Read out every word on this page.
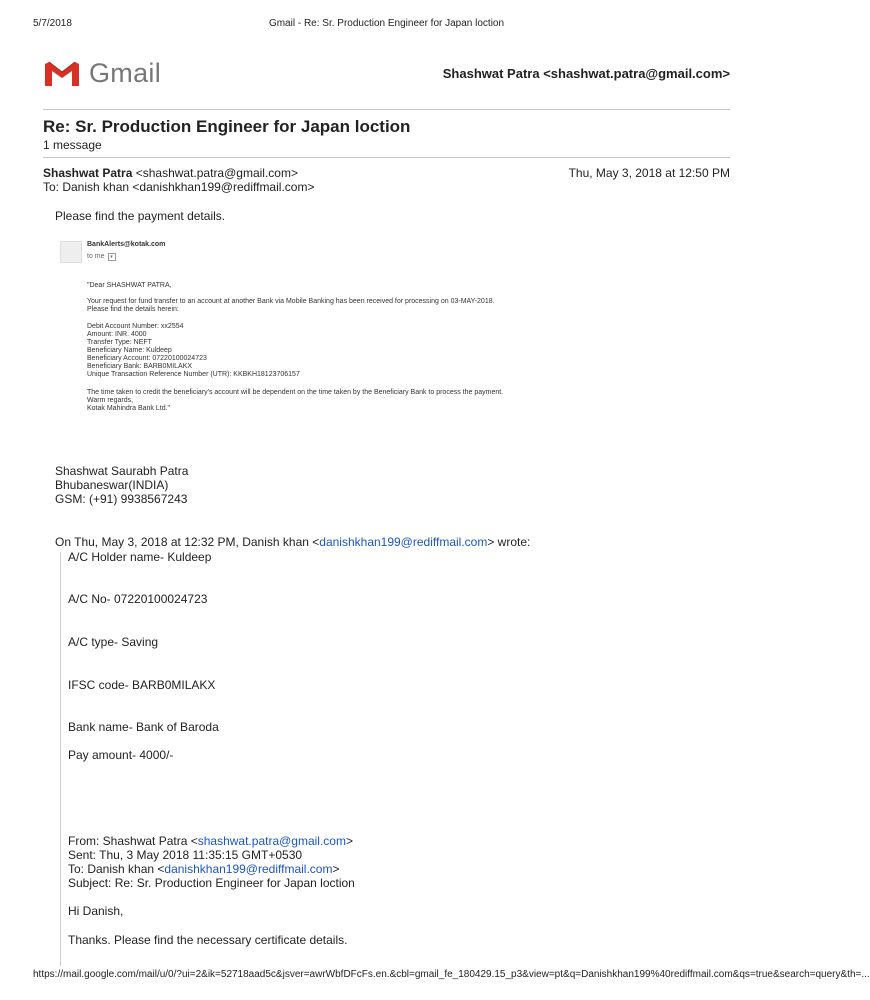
5/7/2018	Gmail - Re: Sr. Production Engineer for Japan loction
Gmail	Shashwat Patra <shashwat.patra@gmail.com>
Re: Sr. Production Engineer for Japan loction
1 message
Shashwat Patra <shashwat.patra@gmail.com>
To: Danish khan <danishkhan199@rediffmail.com>
Thu, May 3, 2018 at 12:50 PM
Please find the payment details.
BankAlerts@kotak.com
to me ▾
"Dear SHASHWAT PATRA,
Your request for fund transfer to an account at another Bank via Mobile Banking has been received for processing on 03-MAY-2018.
Please find the details herein:
Debit Account Number: xx2554
Amount: INR. 4000
Transfer Type: NEFT
Beneficiary Name: Kuldeep
Beneficiary Account: 07220100024723
Beneficiary Bank: BARB0MILAKX
Unique Transaction Reference Number (UTR): KKBKH18123706157
The time taken to credit the beneficiary's account will be dependent on the time taken by the Beneficiary Bank to process the payment.
Warm regards,
Kotak Mahindra Bank Ltd."
Shashwat Saurabh Patra
Bhubaneswar(INDIA)
GSM: (+91) 9938567243
On Thu, May 3, 2018 at 12:32 PM, Danish khan <danishkhan199@rediffmail.com> wrote:
A/C Holder name- Kuldeep
A/C No- 07220100024723
A/C type- Saving
IFSC code- BARB0MILAKX
Bank name- Bank of Baroda
Pay amount- 4000/-
From: Shashwat Patra <shashwat.patra@gmail.com>
Sent: Thu, 3 May 2018 11:35:15 GMT+0530
To: Danish khan <danishkhan199@rediffmail.com>
Subject: Re: Sr. Production Engineer for Japan loction
Hi Danish,
Thanks. Please find the necessary certificate details.
https://mail.google.com/mail/u/0/?ui=2&ik=52718aad5c&jsver=awrWbfDFcFs.en.&cbl=gmail_fe_180429.15_p3&view=pt&q=Danishkhan199%40rediffmail.com&qs=true&search=query&th=...
